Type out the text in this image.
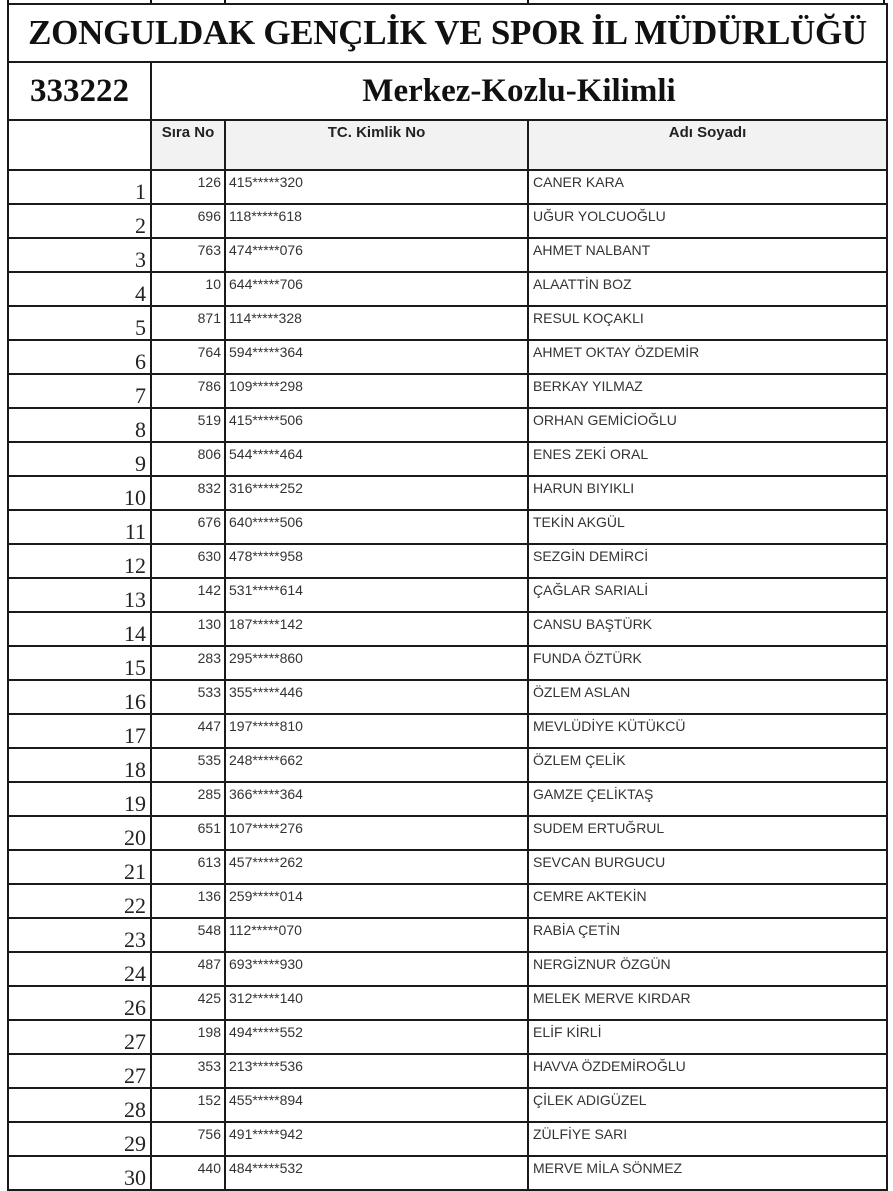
ZONGULDAK GENÇLİK VE SPOR İL MÜDÜRLÜĞÜ			
333222	Merkez-Kozlu-Kilimli		
	Sıra No	TC. Kimlik No	Adı Soyadı
1	126	415*****320	CANER KARA
2	696	118*****618	UĞUR YOLCUOĞLU
3	763	474*****076	AHMET NALBANT
4	10	644*****706	ALAATTİN BOZ
5	871	114*****328	RESUL KOÇAKLI
6	764	594*****364	AHMET OKTAY ÖZDEMİR
7	786	109*****298	BERKAY YILMAZ
8	519	415*****506	ORHAN GEMİCİOĞLU
9	806	544*****464	ENES ZEKİ ORAL
10	832	316*****252	HARUN BIYIKLI
11	676	640*****506	TEKİN AKGÜL
12	630	478*****958	SEZGİN DEMİRCİ
13	142	531*****614	ÇAĞLAR SARIALİ
14	130	187*****142	CANSU BAŞTÜRK
15	283	295*****860	FUNDA ÖZTÜRK
16	533	355*****446	ÖZLEM ASLAN
17	447	197*****810	MEVLÜDİYE KÜTÜKCÜ
18	535	248*****662	ÖZLEM ÇELİK
19	285	366*****364	GAMZE ÇELİKTAŞ
20	651	107*****276	SUDEM ERTUĞRUL
21	613	457*****262	SEVCAN BURGUCU
22	136	259*****014	CEMRE AKTEKİN
23	548	112*****070	RABİA ÇETİN
24	487	693*****930	NERGİZNUR ÖZGÜN
26	425	312*****140	MELEK MERVE KIRDAR
27	198	494*****552	ELİF KİRLİ
27	353	213*****536	HAVVA ÖZDEMİROĞLU
28	152	455*****894	ÇİLEK ADIGÜZEL
29	756	491*****942	ZÜLFİYE SARI
30	440	484*****532	MERVE MİLA SÖNMEZ
